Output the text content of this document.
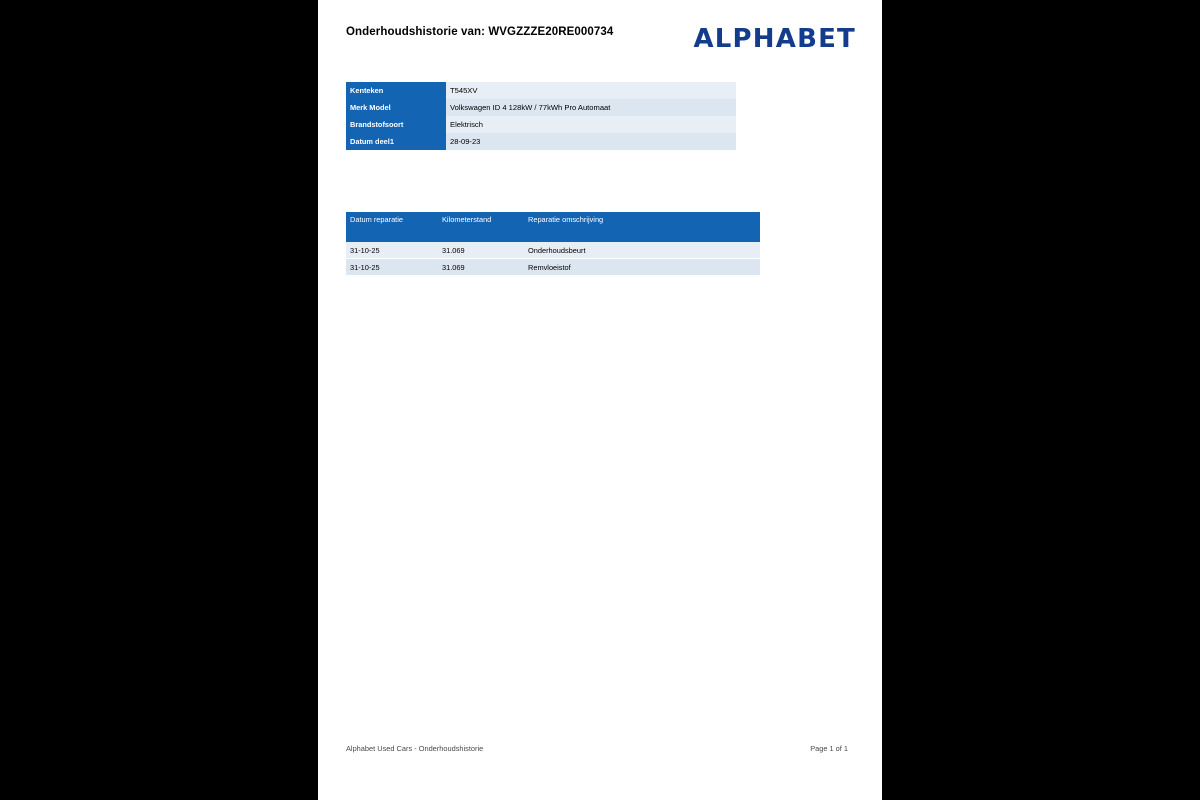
Onderhoudshistorie van: WVGZZZE20RE000734	ALPHABET
Kenteken	T545XV
Merk Model	Volkswagen ID 4 128kW / 77kWh Pro Automaat
Brandstofsoort	Elektrisch
Datum deel1	28-09-23
Datum reparatie	Kilometerstand	Reparatie omschrijving
31-10-25	31.069	Onderhoudsbeurt
31-10-25	31.069	Remvloeistof
Alphabet Used Cars - Onderhoudshistorie	Page 1 of 1
